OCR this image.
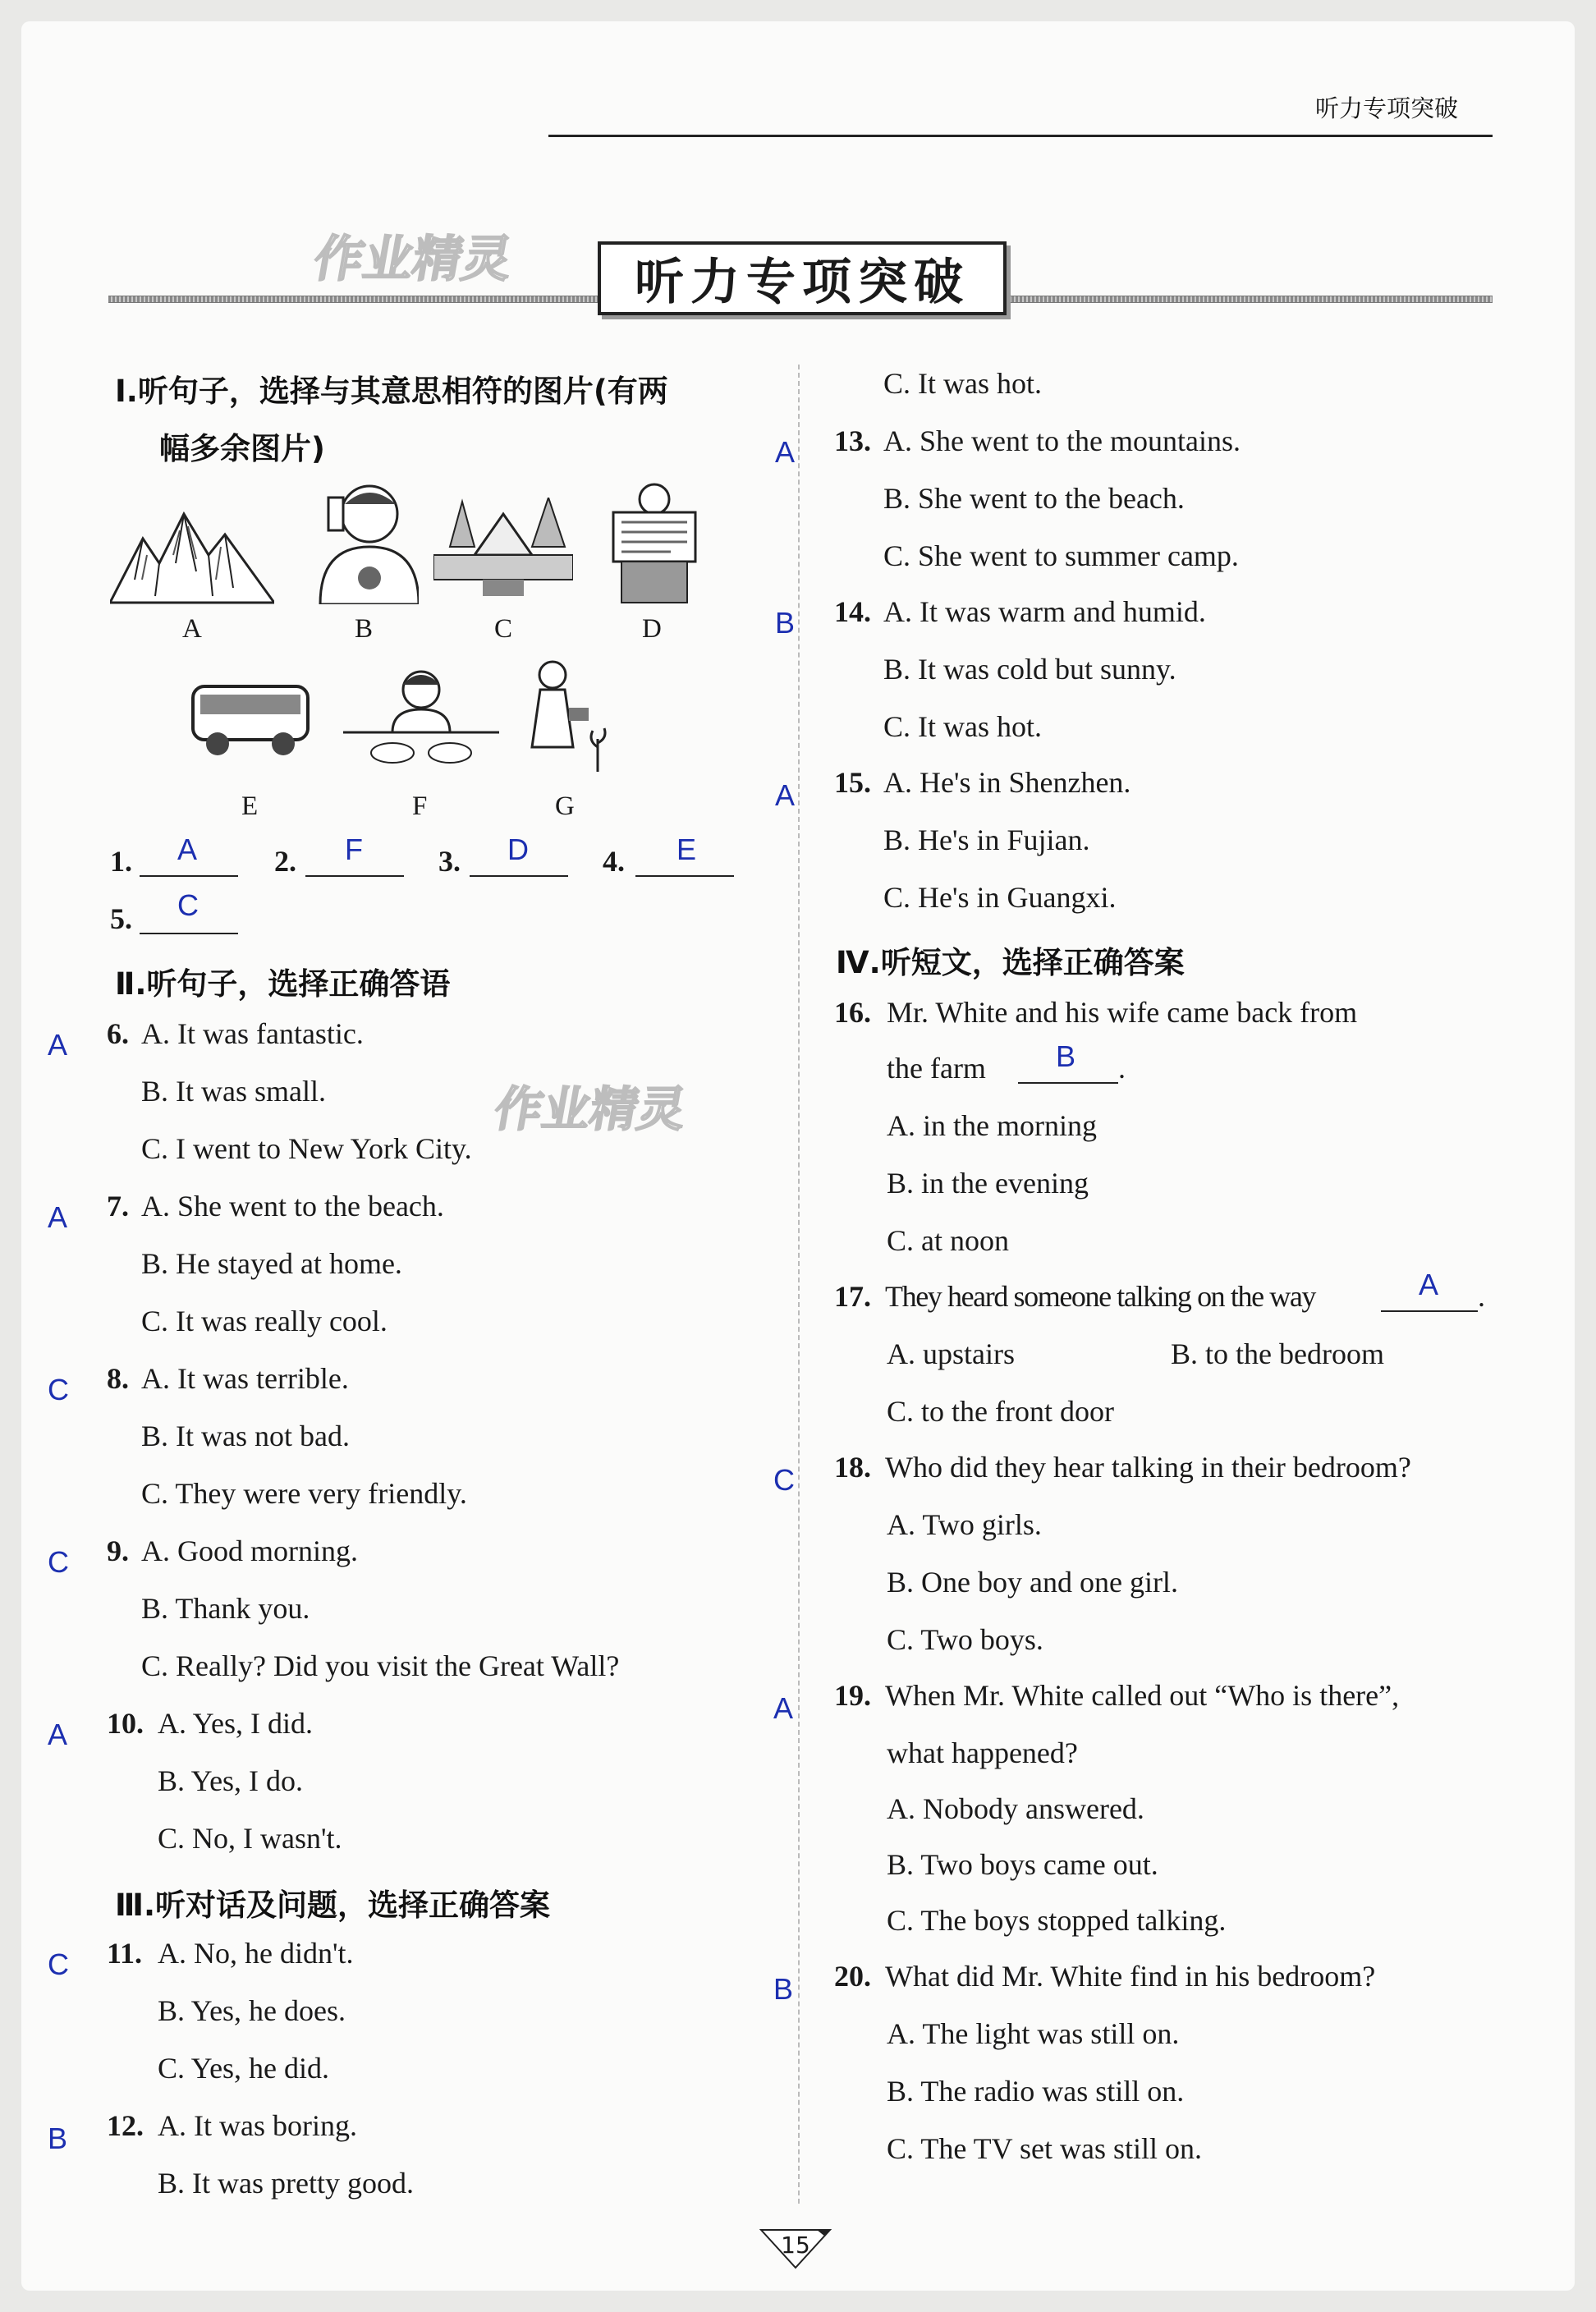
听力专项突破
听力专项突破
作业精灵
作业精灵
Ⅰ.听句子，选择与其意思相符的图片(有两
幅多余图片)
A	B	C	D
E	F	G
1. A	2. F	3. D	4. E
5. C
Ⅱ.听句子，选择正确答语
A 6. A. It was fantastic.
B. It was small.
C. I went to New York City.
A 7. A. She went to the beach.
B. He stayed at home.
C. It was really cool.
C 8. A. It was terrible.
B. It was not bad.
C. They were very friendly.
C 9. A. Good morning.
B. Thank you.
C. Really? Did you visit the Great Wall?
A 10. A. Yes, I did.
B. Yes, I do.
C. No, I wasn't.
Ⅲ.听对话及问题，选择正确答案
C 11. A. No, he didn't.
B. Yes, he does.
C. Yes, he did.
B 12. A. It was boring.
B. It was pretty good.
C. It was hot.
A 13. A. She went to the mountains.
B. She went to the beach.
C. She went to summer camp.
B 14. A. It was warm and humid.
B. It was cold but sunny.
C. It was hot.
A 15. A. He's in Shenzhen.
B. He's in Fujian.
C. He's in Guangxi.
Ⅳ.听短文，选择正确答案
16. Mr. White and his wife came back from
the farm B .
A. in the morning
B. in the evening
C. at noon
17. They heard someone talking on the way	A .
A. upstairs	B. to the bedroom
C. to the front door
C 18. Who did they hear talking in their bedroom?
A. Two girls.
B. One boy and one girl.
C. Two boys.
A 19. When Mr. White called out “Who is there”,
what happened?
A. Nobody answered.
B. Two boys came out.
C. The boys stopped talking.
B 20. What did Mr. White find in his bedroom?
A. The light was still on.
B. The radio was still on.
C. The TV set was still on.
15
